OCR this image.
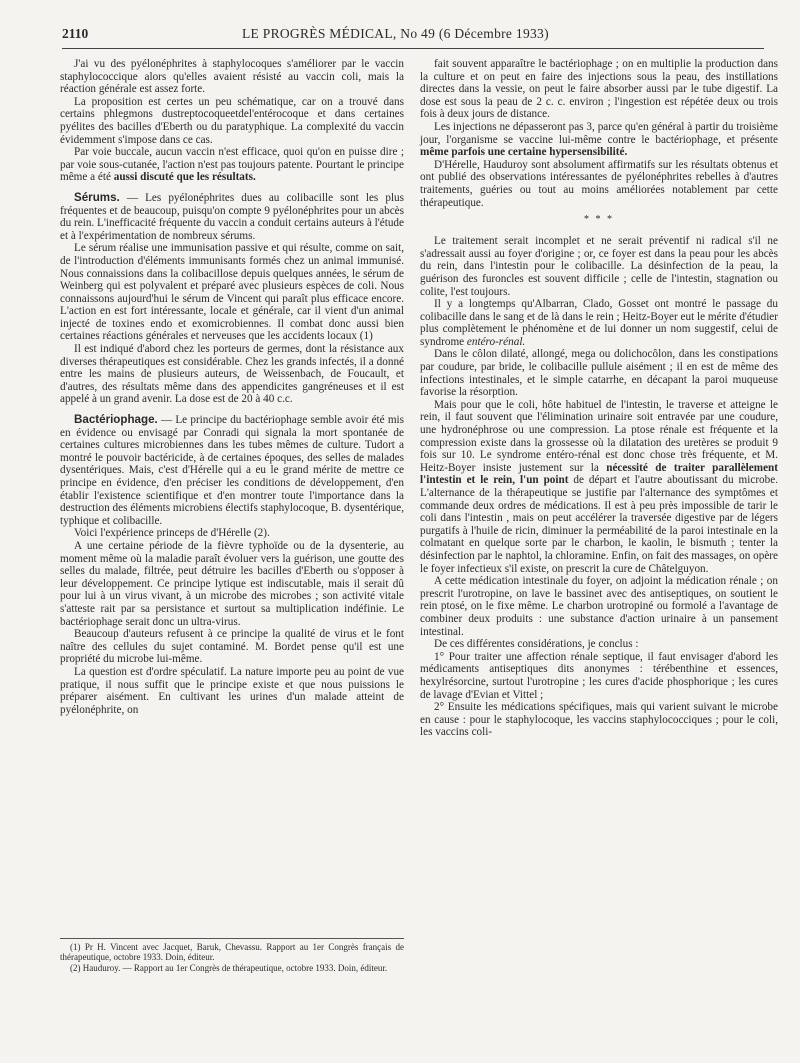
2110	LE PROGRÈS MÉDICAL, No 49 (6 Décembre 1933)

J'ai vu des pyélonéphrites à staphylocoques s'améliorer par le vaccin staphylococcique alors qu'elles avaient résisté au vaccin coli, mais la réaction générale est assez forte.

La proposition est certes un peu schématique, car on a trouvé dans certains phlegmons dustreptocoqueetdel'entérocoque et dans certaines pyélites des bacilles d'Eberth ou du paratyphique. La complexité du vaccin évidemment s'impose dans ce cas.

Par voie buccale, aucun vaccin n'est efficace, quoi qu'on en puisse dire ; par voie sous-cutanée, l'action n'est pas toujours patente. Pourtant le principe même a été aussi discuté que les résultats.

Sérums. — Les pyélonéphrites dues au colibacille sont les plus fréquentes et de beaucoup, puisqu'on compte 9 pyélonéphrites pour un abcès du rein. L'inefficacité fréquente du vaccin a conduit certains auteurs à l'étude et à l'expérimentation de nombreux sérums.

Le sérum réalise une immunisation passive et qui résulte, comme on sait, de l'introduction d'éléments immunisants formés chez un animal immunisé. Nous connaissions dans la colibacillose depuis quelques années, le sérum de Weinberg qui est polyvalent et préparé avec plusieurs espèces de coli. Nous connaissons aujourd'hui le sérum de Vincent qui paraît plus efficace encore. L'action en est fort intéressante, locale et générale, car il vient d'un animal injecté de toxines endo et exomicrobiennes. Il combat donc aussi bien certaines réactions générales et nerveuses que les accidents locaux (1)

Il est indiqué d'abord chez les porteurs de germes, dont la résistance aux diverses thérapeutiques est considérable. Chez les grands infectés, il a donné entre les mains de plusieurs auteurs, de Weissenbach, de Foucault, et d'autres, des résultats même dans des appendicites gangréneuses et il est appelé à un grand avenir. La dose est de 20 à 40 c.c.

Bactériophage. — Le principe du bactériophage semble avoir été mis en évidence ou envisagé par Conradi qui signala la mort spontanée de certaines cultures microbiennes dans les tubes mêmes de culture. Tudort a montré le pouvoir bactéricide, à de certaines époques, des selles de malades dysentériques. Mais, c'est d'Hérelle qui a eu le grand mérite de mettre ce principe en évidence, d'en préciser les conditions de développement, d'en établir l'existence scientifique et d'en montrer toute l'importance dans la destruction des éléments microbiens électifs staphylocoque, B. dysentérique, typhique et colibacille.

Voici l'expérience princeps de d'Hérelle (2).

A une certaine période de la fièvre typhoïde ou de la dysenterie, au moment même où la maladie paraît évoluer vers la guérison, une goutte des selles du malade, filtrée, peut détruire les bacilles d'Eberth ou s'opposer à leur développement. Ce principe lytique est indiscutable, mais il serait dû pour lui à un virus vivant, à un microbe des microbes ; son activité vitale s'atteste rait par sa persistance et surtout sa multiplication indéfinie. Le bactériophage serait donc un ultra-virus.

Beaucoup d'auteurs refusent à ce principe la qualité de virus et le font naître des cellules du sujet contaminé. M. Bordet pense qu'il est une propriété du microbe lui-même.

La question est d'ordre spéculatif. La nature importe peu au point de vue pratique, il nous suffit que le principe existe et que nous puissions le préparer aisément. En cultivant les urines d'un malade atteint de pyélonéphrite, on

(1) Pr H. Vincent avec Jacquet, Baruk, Chevassu. Rapport au 1er Congrès français de thérapeutique, octobre 1933. Doin, éditeur.

(2) Hauduroy. — Rapport au 1er Congrès de thérapeutique, octobre 1933. Doin, éditeur.

fait souvent apparaître le bactériophage ; on en multiplie la production dans la culture et on peut en faire des injections sous la peau, des instillations directes dans la vessie, on peut le faire absorber aussi par le tube digestif. La dose est sous la peau de 2 c. c. environ ; l'ingestion est répétée deux ou trois fois à deux jours de distance.

Les injections ne dépasseront pas 3, parce qu'en général à partir du troisième jour, l'organisme se vaccine lui-même contre le bactériophage, et présente même parfois une certaine hypersensibilité.

D'Hérelle, Hauduroy sont absolument affirmatifs sur les résultats obtenus et ont publié des observations intéressantes de pyélonéphrites rebelles à d'autres traitements, guéries ou tout au moins améliorées notablement par cette thérapeutique.

* * *

Le traitement serait incomplet et ne serait préventif ni radical s'il ne s'adressait aussi au foyer d'origine ; or, ce foyer est dans la peau pour les abcès du rein, dans l'intestin pour le colibacille. La désinfection de la peau, la guérison des furoncles est souvent difficile ; celle de l'intestin, stagnation ou colite, l'est toujours.

Il y a longtemps qu'Albarran, Clado, Gosset ont montré le passage du colibacille dans le sang et de là dans le rein ; Heitz-Boyer eut le mérite d'étudier plus complètement le phénomène et de lui donner un nom suggestif, celui de syndrome entéro-rénal.

Dans le côlon dilaté, allongé, mega ou dolichocôlon, dans les constipations par coudure, par bride, le colibacille pullule aisément ; il en est de même des infections intestinales, et le simple catarrhe, en décapant la paroi muqueuse favorise la résorption.

Mais pour que le coli, hôte habituel de l'intestin, le traverse et atteigne le rein, il faut souvent que l'élimination urinaire soit entravée par une coudure, une hydronéphrose ou une compression. La ptose rénale est fréquente et la compression existe dans la grossesse où la dilatation des uretères se produit 9 fois sur 10. Le syndrome entéro-rénal est donc chose très fréquente, et M. Heitz-Boyer insiste justement sur la nécessité de traiter parallèlement l'intestin et le rein, l'un point de départ et l'autre aboutissant du microbe. L'alternance de la thérapeutique se justifie par l'alternance des symptômes et commande deux ordres de médications. Il est à peu près impossible de tarir le coli dans l'intestin , mais on peut accélérer la traversée digestive par de légers purgatifs à l'huile de ricin, diminuer la perméabilité de la paroi intestinale en la colmatant en quelque sorte par le charbon, le kaolin, le bismuth ; tenter la désinfection par le naphtol, la chloramine. Enfin, on fait des massages, on opère le foyer infectieux s'il existe, on prescrit la cure de Châtelguyon.

A cette médication intestinale du foyer, on adjoint la médication rénale ; on prescrit l'urotropine, on lave le bassinet avec des antiseptiques, on soutient le rein ptosé, on le fixe même. Le charbon urotropiné ou formolé a l'avantage de combiner deux produits : une substance d'action urinaire à un pansement intestinal.

De ces différentes considérations, je conclus :

1° Pour traiter une affection rénale septique, il faut envisager d'abord les médicaments antiseptiques dits anonymes : térébenthine et essences, hexylrésorcine, surtout l'urotropine ; les cures d'acide phosphorique ; les cures de lavage d'Evian et Vittel ;

2° Ensuite les médications spécifiques, mais qui varient suivant le microbe en cause : pour le staphylocoque, les vaccins staphylococciques ; pour le coli, les vaccins coli-
